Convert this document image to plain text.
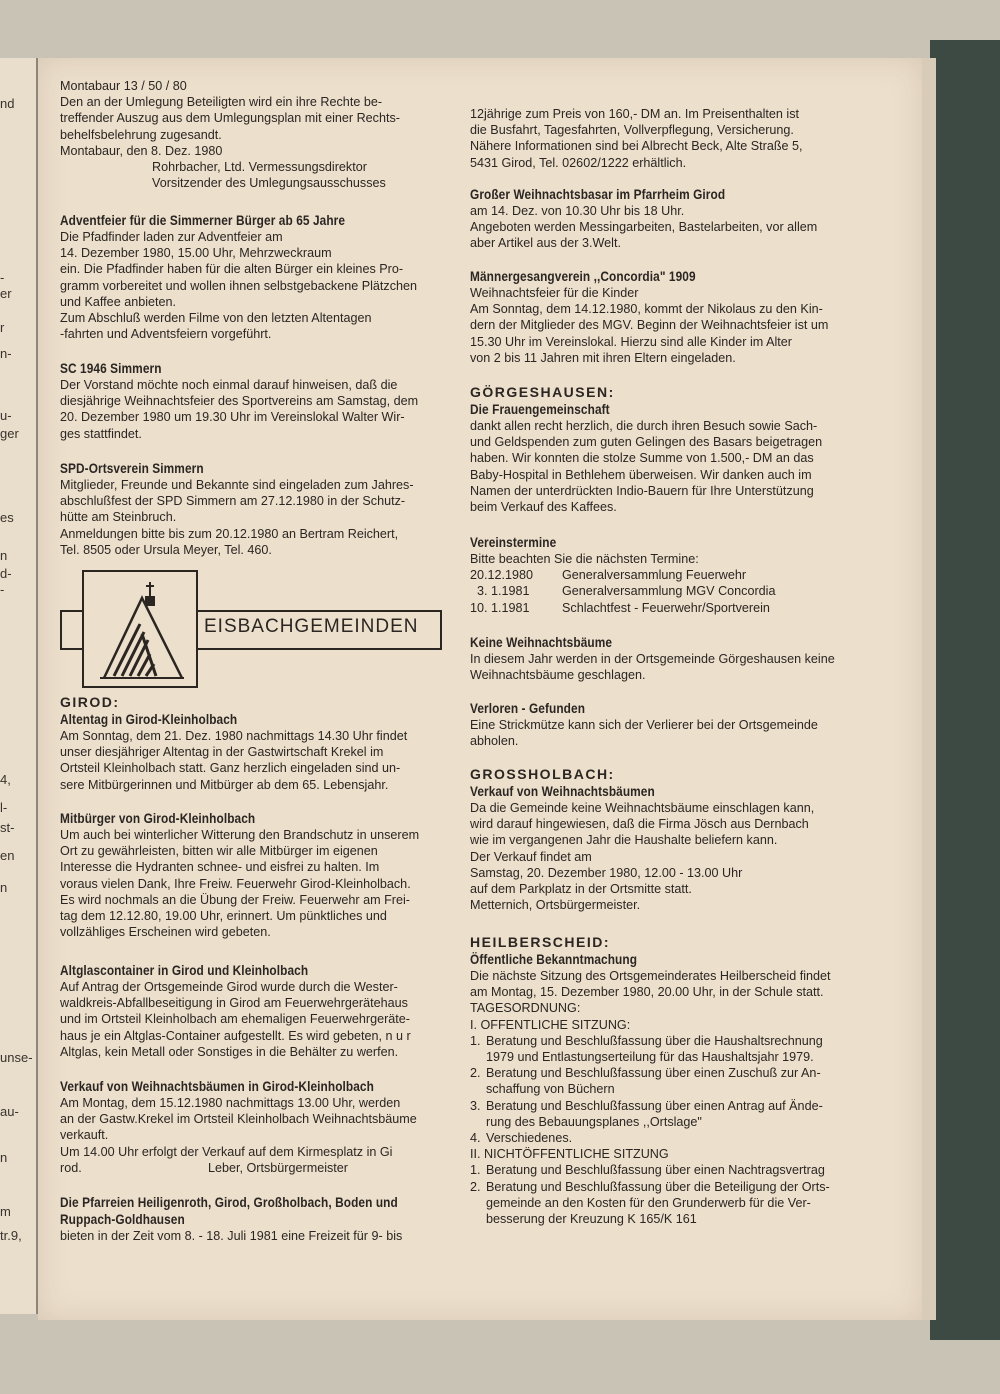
nd
-
er
r
n-
u-
ger
es
n
d-
-
4,
l-
st-
en
n
unse-
au-
n
m
tr.9,
Montabaur 13 / 50 / 80
Den an der Umlegung Beteiligten wird ein ihre Rechte be-
treffender Auszug aus dem Umlegungsplan mit einer Rechts-
behelfsbelehrung zugesandt.
Montabaur, den 8. Dez. 1980
Rohrbacher, Ltd. Vermessungsdirektor
Vorsitzender des Umlegungsausschusses
Adventfeier für die Simmerner Bürger ab 65 Jahre
Die Pfadfinder laden zur Adventfeier am
14. Dezember 1980, 15.00 Uhr, Mehrzweckraum
ein. Die Pfadfinder haben für die alten Bürger ein kleines Pro-
gramm vorbereitet und wollen ihnen selbstgebackene Plätzchen
und Kaffee anbieten.
Zum Abschluß werden Filme von den letzten Altentagen
-fahrten und Adventsfeiern vorgeführt.
SC 1946 Simmern
Der Vorstand möchte noch einmal darauf hinweisen, daß die
diesjährige Weihnachtsfeier des Sportvereins am Samstag, dem
20. Dezember 1980 um 19.30 Uhr im Vereinslokal Walter Wir-
ges stattfindet.
SPD-Ortsverein Simmern
Mitglieder, Freunde und Bekannte sind eingeladen zum Jahres-
abschlußfest der SPD Simmern am 27.12.1980 in der Schutz-
hütte am Steinbruch.
Anmeldungen bitte bis zum 20.12.1980 an Bertram Reichert,
Tel. 8505 oder Ursula Meyer, Tel. 460.
EISBACHGEMEINDEN
GIROD:
Altentag in Girod-Kleinholbach
Am Sonntag, dem 21. Dez. 1980 nachmittags 14.30 Uhr findet
unser diesjähriger Altentag in der Gastwirtschaft Krekel im
Ortsteil Kleinholbach statt. Ganz herzlich eingeladen sind un-
sere Mitbürgerinnen und Mitbürger ab dem 65. Lebensjahr.
Mitbürger von Girod-Kleinholbach
Um auch bei winterlicher Witterung den Brandschutz in unserem
Ort zu gewährleisten, bitten wir alle Mitbürger im eigenen
Interesse die Hydranten schnee- und eisfrei zu halten. Im
voraus vielen Dank, Ihre Freiw. Feuerwehr Girod-Kleinholbach.
Es wird nochmals an die Übung der Freiw. Feuerwehr am Frei-
tag dem 12.12.80, 19.00 Uhr, erinnert. Um pünktliches und
vollzähliges Erscheinen wird gebeten.
Altglascontainer in Girod und Kleinholbach
Auf Antrag der Ortsgemeinde Girod wurde durch die Wester-
waldkreis-Abfallbeseitigung in Girod am Feuerwehrgerätehaus
und im Ortsteil Kleinholbach am ehemaligen Feuerwehrgeräte-
haus je ein Altglas-Container aufgestellt. Es wird gebeten, n u r
Altglas, kein Metall oder Sonstiges in die Behälter zu werfen.
Verkauf von Weihnachtsbäumen in Girod-Kleinholbach
Am Montag, dem 15.12.1980 nachmittags 13.00 Uhr, werden
an der Gastw.Krekel im Ortsteil Kleinholbach Weihnachtsbäume
verkauft.
Um 14.00 Uhr erfolgt der Verkauf auf dem Kirmesplatz in Gi
rod.	Leber, Ortsbürgermeister
Die Pfarreien Heiligenroth, Girod, Großholbach, Boden und
Ruppach-Goldhausen
bieten in der Zeit vom 8. - 18. Juli 1981 eine Freizeit für 9- bis
12jährige zum Preis von 160,- DM an. Im Preisenthalten ist
die Busfahrt, Tagesfahrten, Vollverpflegung, Versicherung.
Nähere Informationen sind bei Albrecht Beck, Alte Straße 5,
5431 Girod, Tel. 02602/1222 erhältlich.
Großer Weihnachtsbasar im Pfarrheim Girod
am 14. Dez. von 10.30 Uhr bis 18 Uhr.
Angeboten werden Messingarbeiten, Bastelarbeiten, vor allem
aber Artikel aus der 3.Welt.
Männergesangverein ,,Concordia" 1909
Weihnachtsfeier für die Kinder
Am Sonntag, dem 14.12.1980, kommt der Nikolaus zu den Kin-
dern der Mitglieder des MGV. Beginn der Weihnachtsfeier ist um
15.30 Uhr im Vereinslokal. Hierzu sind alle Kinder im Alter
von 2 bis 11 Jahren mit ihren Eltern eingeladen.
GÖRGESHAUSEN:
Die Frauengemeinschaft
dankt allen recht herzlich, die durch ihren Besuch sowie Sach-
und Geldspenden zum guten Gelingen des Basars beigetragen
haben. Wir konnten die stolze Summe von 1.500,- DM an das
Baby-Hospital in Bethlehem überweisen. Wir danken auch im
Namen der unterdrückten Indio-Bauern für Ihre Unterstützung
beim Verkauf des Kaffees.
Vereinstermine
Bitte beachten Sie die nächsten Termine:
20.12.1980	Generalversammlung Feuerwehr
3. 1.1981	Generalversammlung MGV Concordia
10. 1.1981	Schlachtfest - Feuerwehr/Sportverein
Keine Weihnachtsbäume
In diesem Jahr werden in der Ortsgemeinde Görgeshausen keine
Weihnachtsbäume geschlagen.
Verloren - Gefunden
Eine Strickmütze kann sich der Verlierer bei der Ortsgemeinde
abholen.
GROSSHOLBACH:
Verkauf von Weihnachtsbäumen
Da die Gemeinde keine Weihnachtsbäume einschlagen kann,
wird darauf hingewiesen, daß die Firma Jösch aus Dernbach
wie im vergangenen Jahr die Haushalte beliefern kann.
Der Verkauf findet am
Samstag, 20. Dezember 1980, 12.00 - 13.00 Uhr
auf dem Parkplatz in der Ortsmitte statt.
Metternich, Ortsbürgermeister.
HEILBERSCHEID:
Öffentliche Bekanntmachung
Die nächste Sitzung des Ortsgemeinderates Heilberscheid findet
am Montag, 15. Dezember 1980, 20.00 Uhr, in der Schule statt.
TAGESORDNUNG:
I. OFFENTLICHE SITZUNG:
1. Beratung und Beschlußfassung über die Haushaltsrechnung
1979 und Entlastungserteilung für das Haushaltsjahr 1979.
2. Beratung und Beschlußfassung über einen Zuschuß zur An-
schaffung von Büchern
3. Beratung und Beschlußfassung über einen Antrag auf Ände-
rung des Bebauungsplanes ,,Ortslage"
4. Verschiedenes.
II. NICHTÖFFENTLICHE SITZUNG
1. Beratung und Beschlußfassung über einen Nachtragsvertrag
2. Beratung und Beschlußfassung über die Beteiligung der Orts-
gemeinde an den Kosten für den Grunderwerb für die Ver-
besserung der Kreuzung K 165/K 161
